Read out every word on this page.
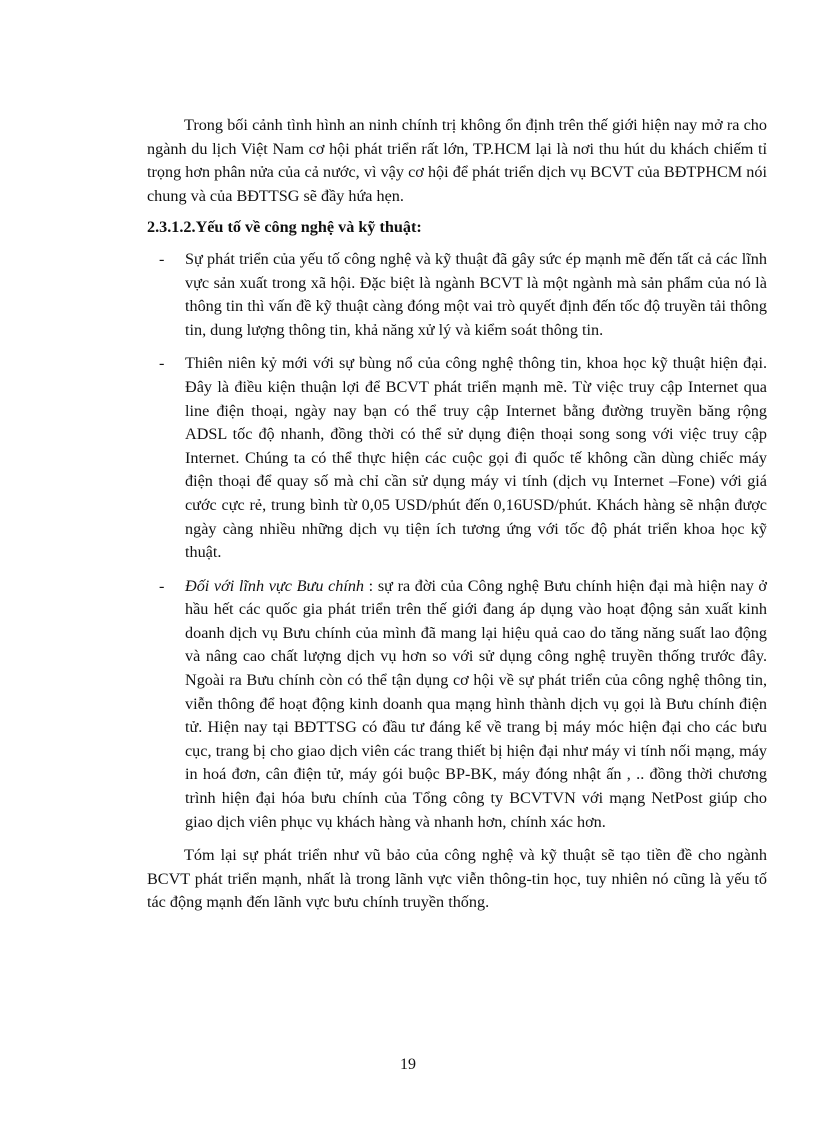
Trong bối cảnh tình hình an ninh chính trị không ổn định trên thế giới hiện nay mở ra cho ngành du lịch Việt Nam cơ hội phát triển rất lớn, TP.HCM lại là nơi thu hút du khách chiếm tỉ trọng hơn phân nửa của cả nước, vì vậy cơ hội để phát triển dịch vụ BCVT của BĐTPHCM nói chung và của BĐTTSG sẽ đầy hứa hẹn.

2.3.1.2.Yếu tố về công nghệ và kỹ thuật:

- Sự phát triển của yếu tố công nghệ và kỹ thuật đã gây sức ép mạnh mẽ đến tất cả các lĩnh vực sản xuất trong xã hội. Đặc biệt là ngành BCVT là một ngành mà sản phẩm của nó là thông tin thì vấn đề kỹ thuật càng đóng một vai trò quyết định đến tốc độ truyền tải thông tin, dung lượng thông tin, khả năng xử lý và kiểm soát thông tin.
- Thiên niên kỷ mới với sự bùng nổ của công nghệ thông tin, khoa học kỹ thuật hiện đại. Đây là điều kiện thuận lợi để BCVT phát triển mạnh mẽ. Từ việc truy cập Internet qua line điện thoại, ngày nay bạn có thể truy cập Internet bằng đường truyền băng rộng ADSL tốc độ nhanh, đồng thời có thể sử dụng điện thoại song song với việc truy cập Internet. Chúng ta có thể thực hiện các cuộc gọi đi quốc tế không cần dùng chiếc máy điện thoại để quay số mà chỉ cần sử dụng máy vi tính (dịch vụ Internet –Fone) với giá cước cực rẻ, trung bình từ 0,05 USD/phút đến 0,16USD/phút. Khách hàng sẽ nhận được ngày càng nhiều những dịch vụ tiện ích tương ứng với tốc độ phát triển khoa học kỹ thuật.
- Đối với lĩnh vực Bưu chính : sự ra đời của Công nghệ Bưu chính hiện đại mà hiện nay ở hầu hết các quốc gia phát triển trên thế giới đang áp dụng vào hoạt động sản xuất kinh doanh dịch vụ Bưu chính của mình đã mang lại hiệu quả cao do tăng năng suất lao động và nâng cao chất lượng dịch vụ hơn so với sử dụng công nghệ truyền thống trước đây. Ngoài ra Bưu chính còn có thể tận dụng cơ hội về sự phát triển của công nghệ thông tin, viễn thông để hoạt động kinh doanh qua mạng hình thành dịch vụ gọi là Bưu chính điện tử. Hiện nay tại BĐTTSG có đầu tư đáng kể về trang bị máy móc hiện đại cho các bưu cục, trang bị cho giao dịch viên các trang thiết bị hiện đại như máy vi tính nối mạng, máy in hoá đơn, cân điện tử, máy gói buộc BP-BK, máy đóng nhật ấn , .. đồng thời chương trình hiện đại hóa bưu chính của Tổng công ty BCVTVN với mạng NetPost giúp cho giao dịch viên phục vụ khách hàng và nhanh hơn, chính xác hơn.

Tóm lại sự phát triển như vũ bảo của công nghệ và kỹ thuật sẽ tạo tiền đề cho ngành BCVT phát triển mạnh, nhất là trong lãnh vực viễn thông-tin học, tuy nhiên nó cũng là yếu tố tác động mạnh đến lãnh vực bưu chính truyền thống.

19
